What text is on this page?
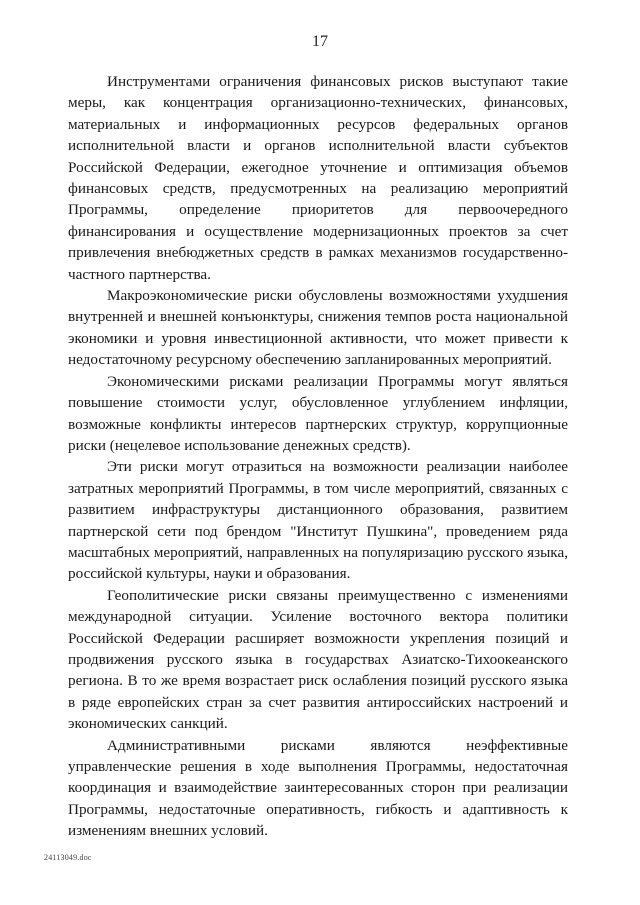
17

Инструментами ограничения финансовых рисков выступают такие меры, как концентрация организационно-технических, финансовых, материальных и информационных ресурсов федеральных органов исполнительной власти и органов исполнительной власти субъектов Российской Федерации, ежегодное уточнение и оптимизация объемов финансовых средств, предусмотренных на реализацию мероприятий Программы, определение приоритетов для первоочередного финансирования и осуществление модернизационных проектов за счет привлечения внебюджетных средств в рамках механизмов государственно-частного партнерства.

Макроэкономические риски обусловлены возможностями ухудшения внутренней и внешней конъюнктуры, снижения темпов роста национальной экономики и уровня инвестиционной активности, что может привести к недостаточному ресурсному обеспечению запланированных мероприятий.

Экономическими рисками реализации Программы могут являться повышение стоимости услуг, обусловленное углублением инфляции, возможные конфликты интересов партнерских структур, коррупционные риски (нецелевое использование денежных средств).

Эти риски могут отразиться на возможности реализации наиболее затратных мероприятий Программы, в том числе мероприятий, связанных с развитием инфраструктуры дистанционного образования, развитием партнерской сети под брендом "Институт Пушкина", проведением ряда масштабных мероприятий, направленных на популяризацию русского языка, российской культуры, науки и образования.

Геополитические риски связаны преимущественно с изменениями международной ситуации. Усиление восточного вектора политики Российской Федерации расширяет возможности укрепления позиций и продвижения русского языка в государствах Азиатско-Тихоокеанского региона. В то же время возрастает риск ослабления позиций русского языка в ряде европейских стран за счет развития антироссийских настроений и экономических санкций.

Административными рисками являются неэффективные управленческие решения в ходе выполнения Программы, недостаточная координация и взаимодействие заинтересованных сторон при реализации Программы, недостаточные оперативность, гибкость и адаптивность к изменениям внешних условий.

24113049.doc
